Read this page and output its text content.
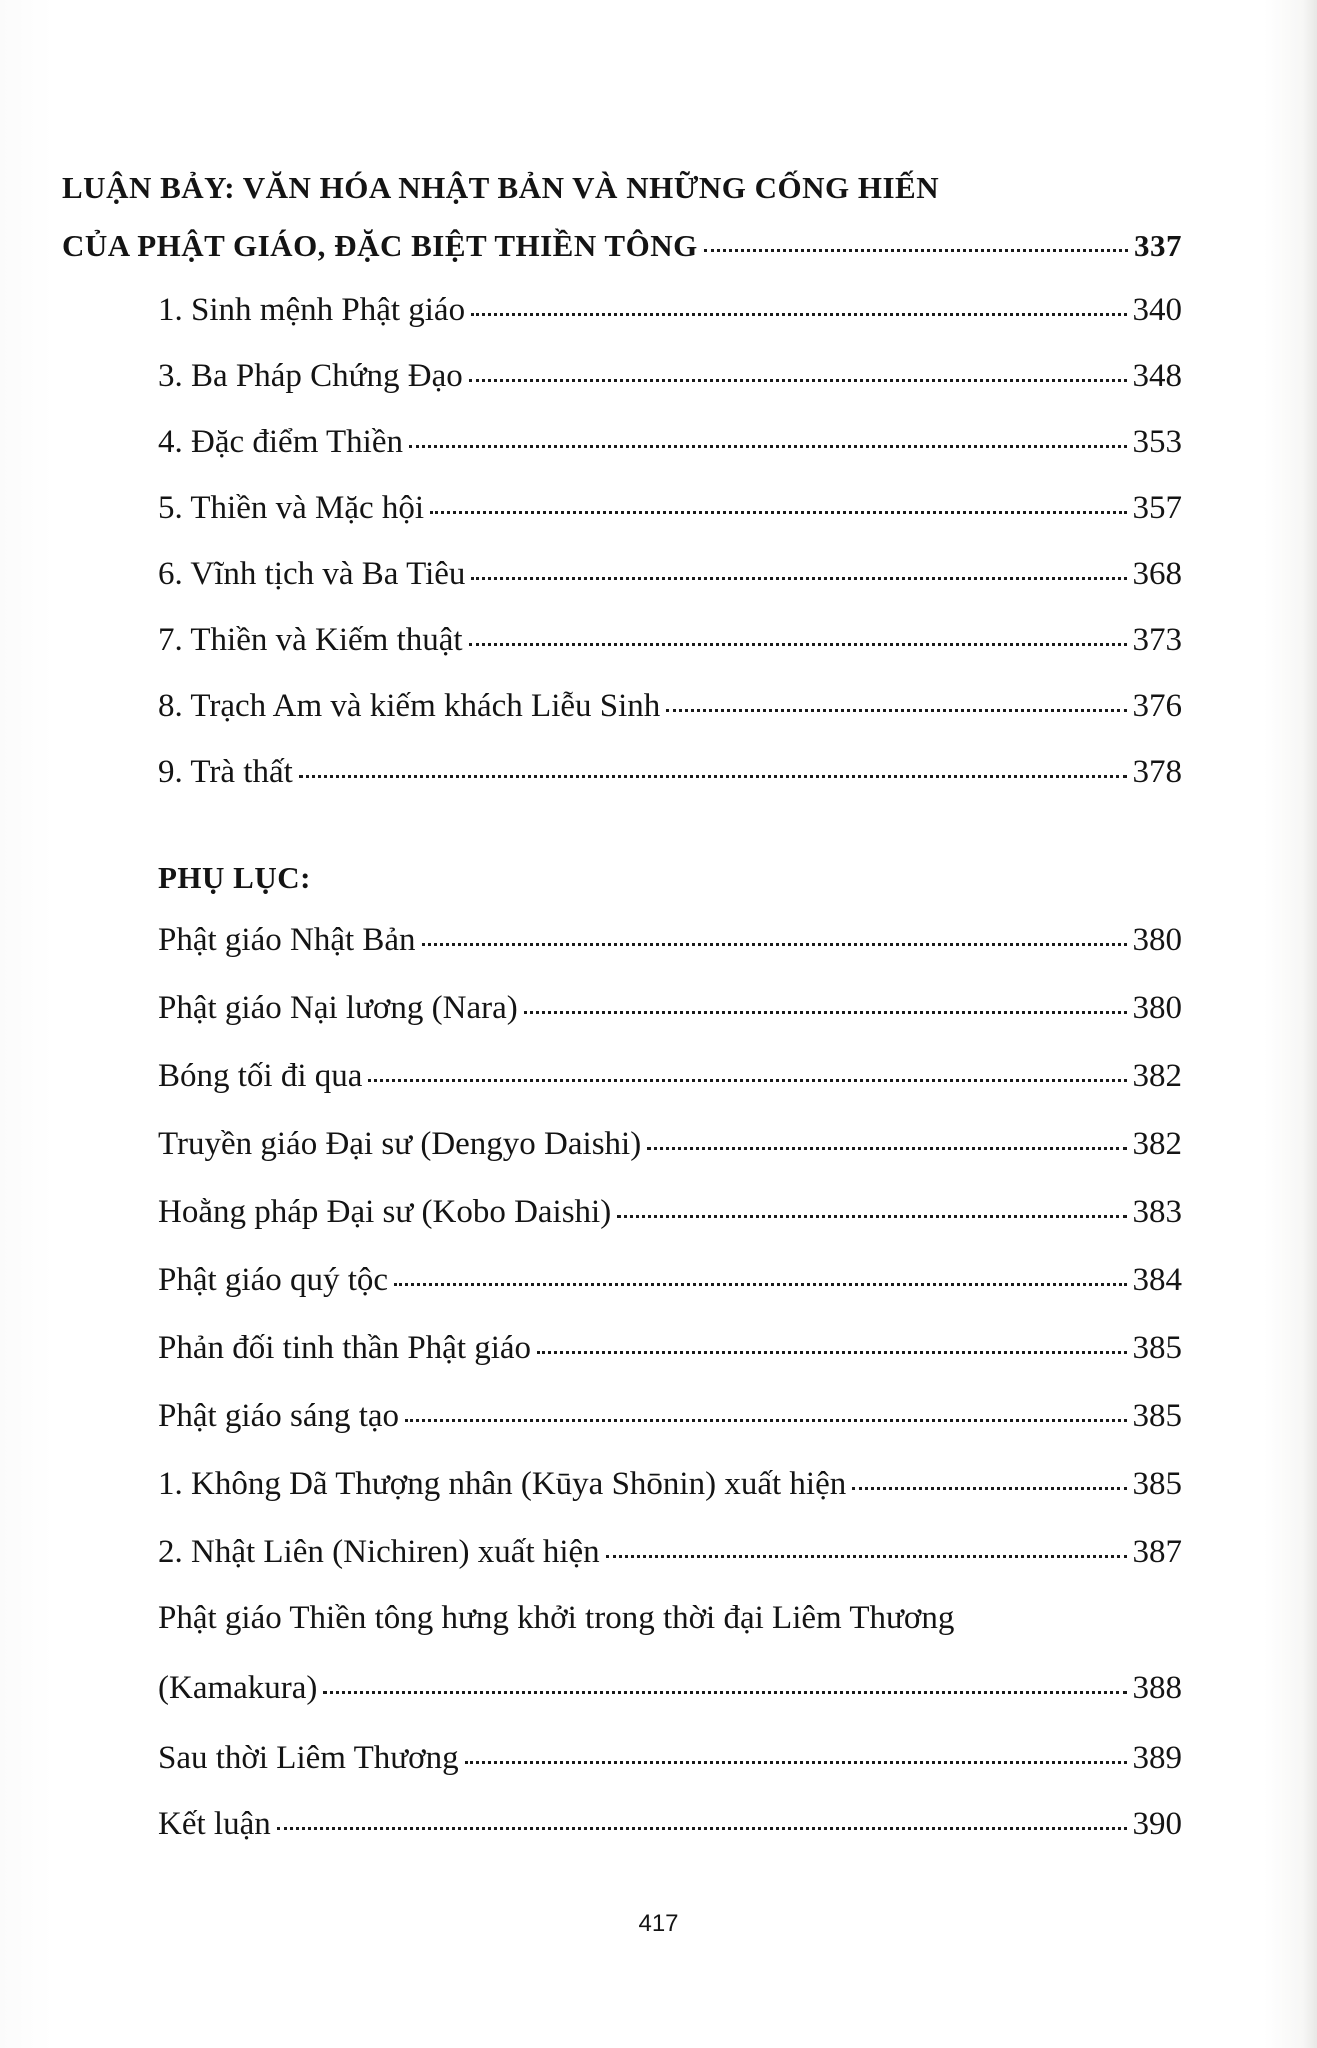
LUẬN BẢY: VĂN HÓA NHẬT BẢN VÀ NHỮNG CỐNG HIẾN
CỦA PHẬT GIÁO, ĐẶC BIỆT THIỀN TÔNG	337
1. Sinh mệnh Phật giáo	340
3. Ba Pháp Chứng Đạo	348
4. Đặc điểm Thiền	353
5. Thiền và Mặc hội	357
6. Vĩnh tịch và Ba Tiêu	368
7. Thiền và Kiếm thuật	373
8. Trạch Am và kiếm khách Liễu Sinh	376
9. Trà thất	378
PHỤ LỤC:
Phật giáo Nhật Bản	380
Phật giáo Nại lương (Nara)	380
Bóng tối đi qua	382
Truyền giáo Đại sư (Dengyo Daishi)	382
Hoằng pháp Đại sư (Kobo Daishi)	383
Phật giáo quý tộc	384
Phản đối tinh thần Phật giáo	385
Phật giáo sáng tạo	385
1. Không Dã Thượng nhân (Kūya Shōnin) xuất hiện	385
2. Nhật Liên (Nichiren) xuất hiện	387
Phật giáo Thiền tông hưng khởi trong thời đại Liêm Thương
(Kamakura)	388
Sau thời Liêm Thương	389
Kết luận	390
417
